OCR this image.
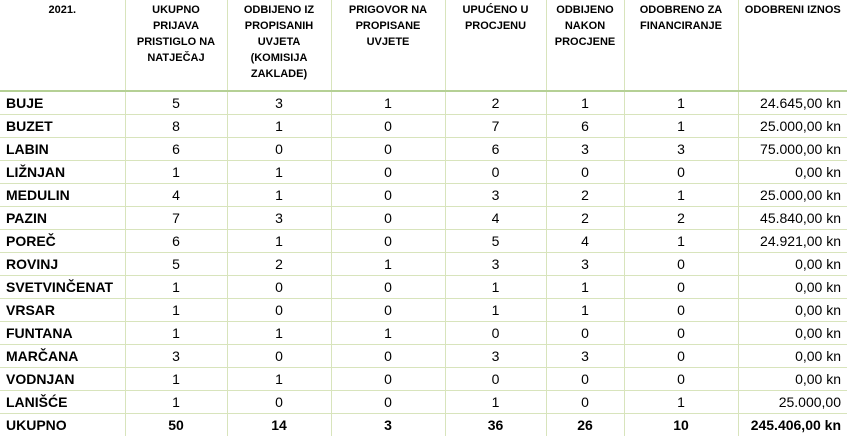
2021.	UKUPNO PRIJAVA PRISTIGLO NA NATJEČAJ	ODBIJENO IZ PROPISANIH UVJETA (KOMISIJA ZAKLADE)	PRIGOVOR NA PROPISANE UVJETE	UPUĆENO U PROCJENU	ODBIJENO NAKON PROCJENE	ODOBRENO ZA FINANCIRANJE	ODOBRENI IZNOS
BUJE	5	3	1	2	1	1	24.645,00 kn
BUZET	8	1	0	7	6	1	25.000,00 kn
LABIN	6	0	0	6	3	3	75.000,00 kn
LIŽNJAN	1	1	0	0	0	0	0,00 kn
MEDULIN	4	1	0	3	2	1	25.000,00 kn
PAZIN	7	3	0	4	2	2	45.840,00 kn
POREČ	6	1	0	5	4	1	24.921,00 kn
ROVINJ	5	2	1	3	3	0	0,00 kn
SVETVINČENAT	1	0	0	1	1	0	0,00 kn
VRSAR	1	0	0	1	1	0	0,00 kn
FUNTANA	1	1	1	0	0	0	0,00 kn
MARČANA	3	0	0	3	3	0	0,00 kn
VODNJAN	1	1	0	0	0	0	0,00 kn
LANIŠĆE	1	0	0	1	0	1	25.000,00
UKUPNO	50	14	3	36	26	10	245.406,00 kn
